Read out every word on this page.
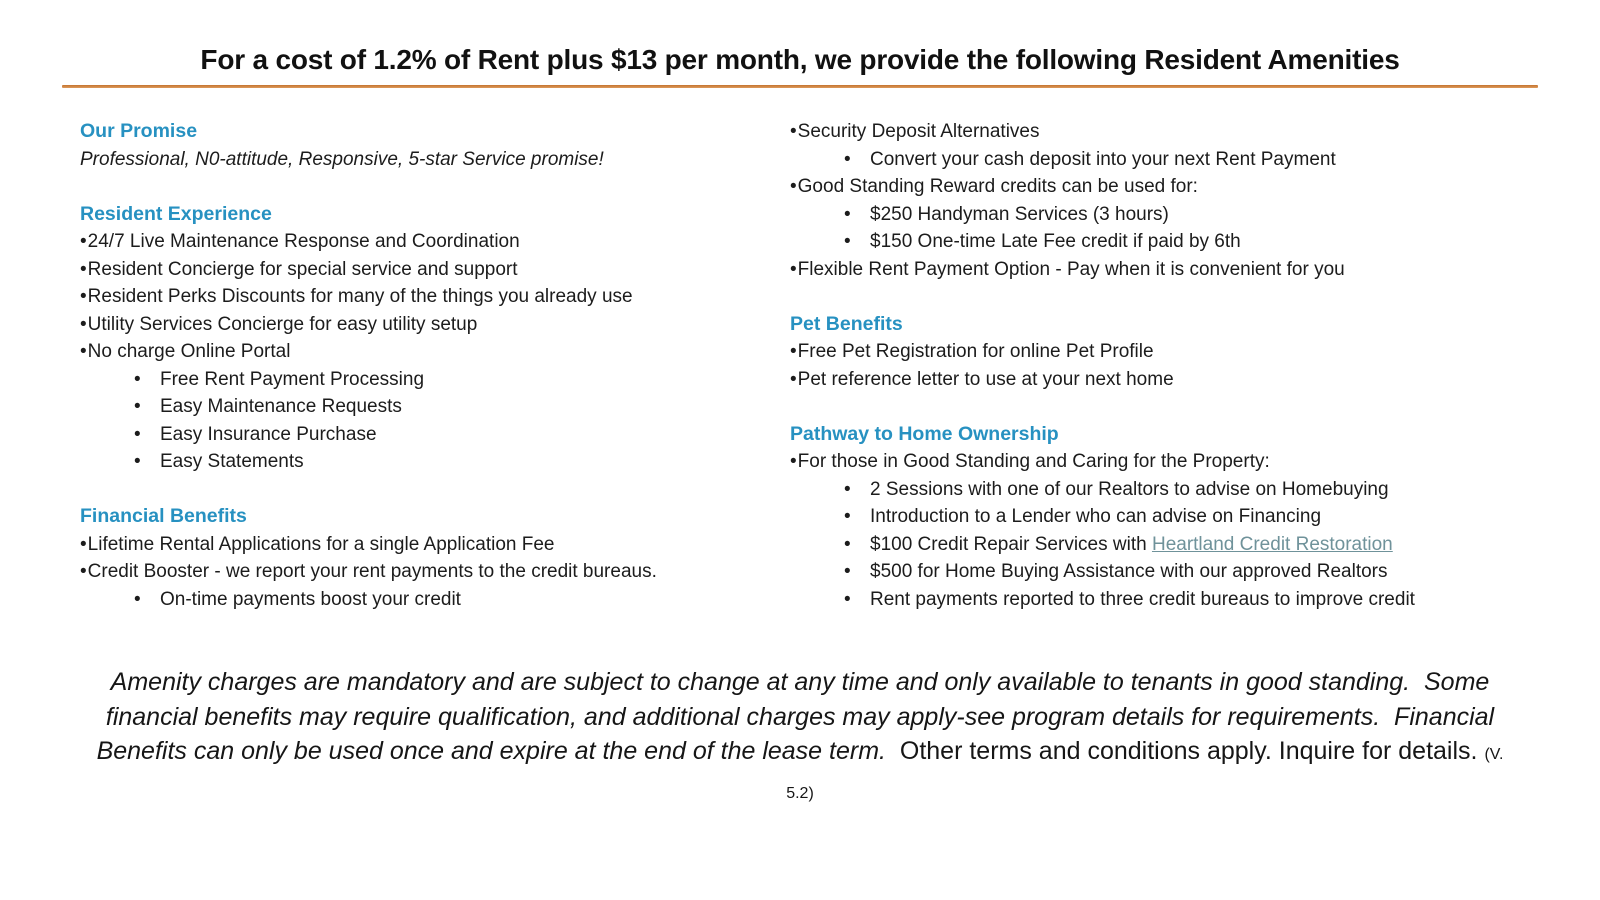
For a cost of 1.2% of Rent plus $13 per month, we provide the following Resident Amenities
Our Promise
Professional, N0-attitude, Responsive, 5-star Service promise!
Resident Experience
•24/7 Live Maintenance Response and Coordination
•Resident Concierge for special service and support
•Resident Perks Discounts for many of the things you already use
•Utility Services Concierge for easy utility setup
•No charge Online Portal
• Free Rent Payment Processing
• Easy Maintenance Requests
• Easy Insurance Purchase
• Easy Statements
Financial Benefits
•Lifetime Rental Applications for a single Application Fee
•Credit Booster - we report your rent payments to the credit bureaus.
• On-time payments boost your credit
•Security Deposit Alternatives
• Convert your cash deposit into your next Rent Payment
•Good Standing Reward credits can be used for:
• $250 Handyman Services (3 hours)
• $150 One-time Late Fee credit if paid by 6th
•Flexible Rent Payment Option - Pay when it is convenient for you
Pet Benefits
•Free Pet Registration for online Pet Profile
•Pet reference letter to use at your next home
Pathway to Home Ownership
•For those in Good Standing and Caring for the Property:
• 2 Sessions with one of our Realtors to advise on Homebuying
• Introduction to a Lender who can advise on Financing
• $100 Credit Repair Services with Heartland Credit Restoration
• $500 for Home Buying Assistance with our approved Realtors
• Rent payments reported to three credit bureaus to improve credit
Amenity charges are mandatory and are subject to change at any time and only available to tenants in good standing.  Some financial benefits may require qualification, and additional charges may apply-see program details for requirements.  Financial Benefits can only be used once and expire at the end of the lease term.  Other terms and conditions apply. Inquire for details. (V. 5.2)
